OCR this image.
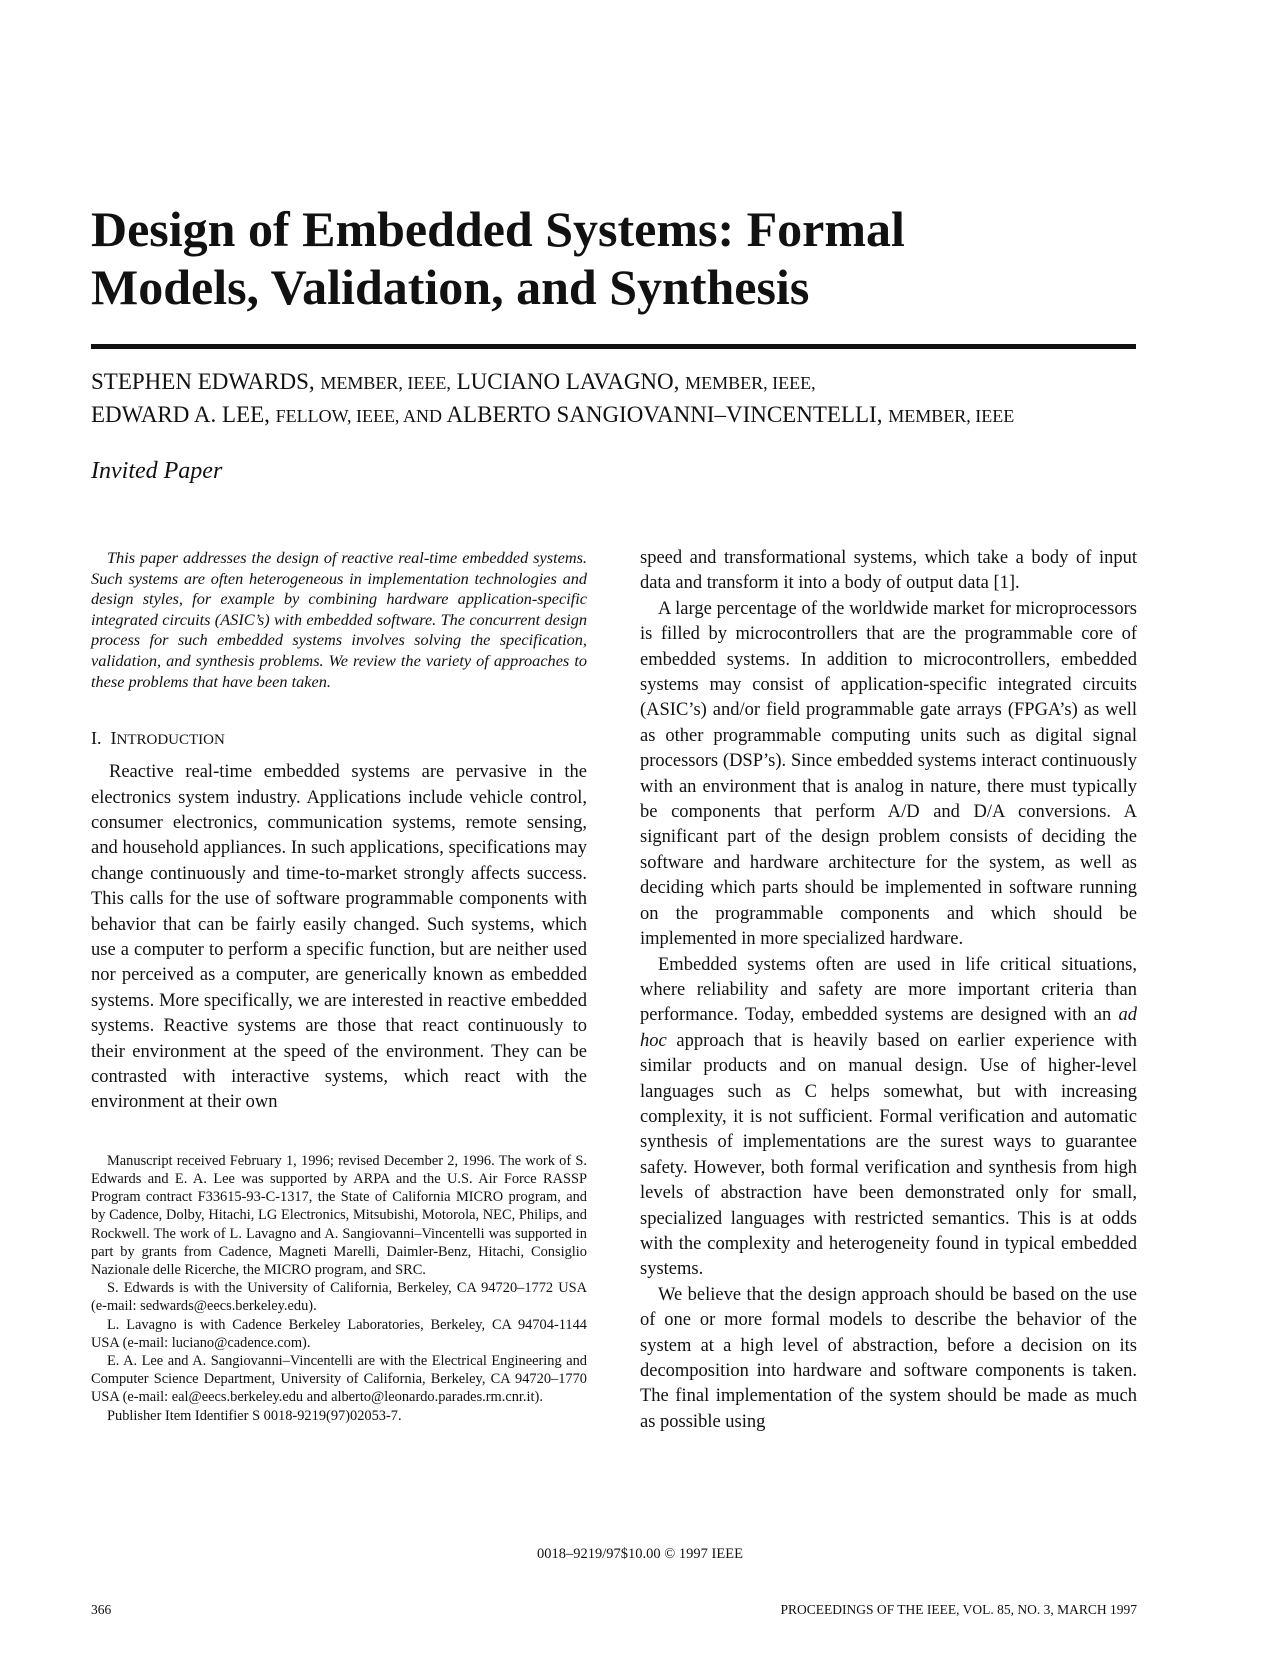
Design of Embedded Systems: Formal
Models, Validation, and Synthesis
STEPHEN EDWARDS, MEMBER, IEEE, LUCIANO LAVAGNO, MEMBER, IEEE,
EDWARD A. LEE, FELLOW, IEEE, AND ALBERTO SANGIOVANNI–VINCENTELLI, MEMBER, IEEE
Invited Paper

This paper addresses the design of reactive real-time embedded systems. Such systems are often heterogeneous in implementation technologies and design styles, for example by combining hardware application-specific integrated circuits (ASIC’s) with embedded software. The concurrent design process for such embedded systems involves solving the specification, validation, and synthesis problems. We review the variety of approaches to these problems that have been taken.

I. INTRODUCTION

Reactive real-time embedded systems are pervasive in the electronics system industry. Applications include vehicle control, consumer electronics, communication systems, remote sensing, and household appliances. In such applications, specifications may change continuously and time-to-market strongly affects success. This calls for the use of software programmable components with behavior that can be fairly easily changed. Such systems, which use a computer to perform a specific function, but are neither used nor perceived as a computer, are generically known as embedded systems. More specifically, we are interested in reactive embedded systems. Reactive systems are those that react continuously to their environment at the speed of the environment. They can be contrasted with interactive systems, which react with the environment at their own

Manuscript received February 1, 1996; revised December 2, 1996. The work of S. Edwards and E. A. Lee was supported by ARPA and the U.S. Air Force RASSP Program contract F33615-93-C-1317, the State of California MICRO program, and by Cadence, Dolby, Hitachi, LG Electronics, Mitsubishi, Motorola, NEC, Philips, and Rockwell. The work of L. Lavagno and A. Sangiovanni–Vincentelli was supported in part by grants from Cadence, Magneti Marelli, Daimler-Benz, Hitachi, Consiglio Nazionale delle Ricerche, the MICRO program, and SRC.

S. Edwards is with the University of California, Berkeley, CA 94720–1772 USA (e-mail: sedwards@eecs.berkeley.edu).

L. Lavagno is with Cadence Berkeley Laboratories, Berkeley, CA 94704-1144 USA (e-mail: luciano@cadence.com).

E. A. Lee and A. Sangiovanni–Vincentelli are with the Electrical Engineering and Computer Science Department, University of California, Berkeley, CA 94720–1770 USA (e-mail: eal@eecs.berkeley.edu and alberto@leonardo.parades.rm.cnr.it).

Publisher Item Identifier S 0018-9219(97)02053-7.

speed and transformational systems, which take a body of input data and transform it into a body of output data [1].

A large percentage of the worldwide market for microprocessors is filled by microcontrollers that are the programmable core of embedded systems. In addition to microcontrollers, embedded systems may consist of application-specific integrated circuits (ASIC’s) and/or field programmable gate arrays (FPGA’s) as well as other programmable computing units such as digital signal processors (DSP’s). Since embedded systems interact continuously with an environment that is analog in nature, there must typically be components that perform A/D and D/A conversions. A significant part of the design problem consists of deciding the software and hardware architecture for the system, as well as deciding which parts should be implemented in software running on the programmable components and which should be implemented in more specialized hardware.

Embedded systems often are used in life critical situations, where reliability and safety are more important criteria than performance. Today, embedded systems are designed with an ad hoc approach that is heavily based on earlier experience with similar products and on manual design. Use of higher-level languages such as C helps somewhat, but with increasing complexity, it is not sufficient. Formal verification and automatic synthesis of implementations are the surest ways to guarantee safety. However, both formal verification and synthesis from high levels of abstraction have been demonstrated only for small, specialized languages with restricted semantics. This is at odds with the complexity and heterogeneity found in typical embedded systems.

We believe that the design approach should be based on the use of one or more formal models to describe the behavior of the system at a high level of abstraction, before a decision on its decomposition into hardware and software components is taken. The final implementation of the system should be made as much as possible using

0018–9219/97$10.00 © 1997 IEEE
366	PROCEEDINGS OF THE IEEE, VOL. 85, NO. 3, MARCH 1997
